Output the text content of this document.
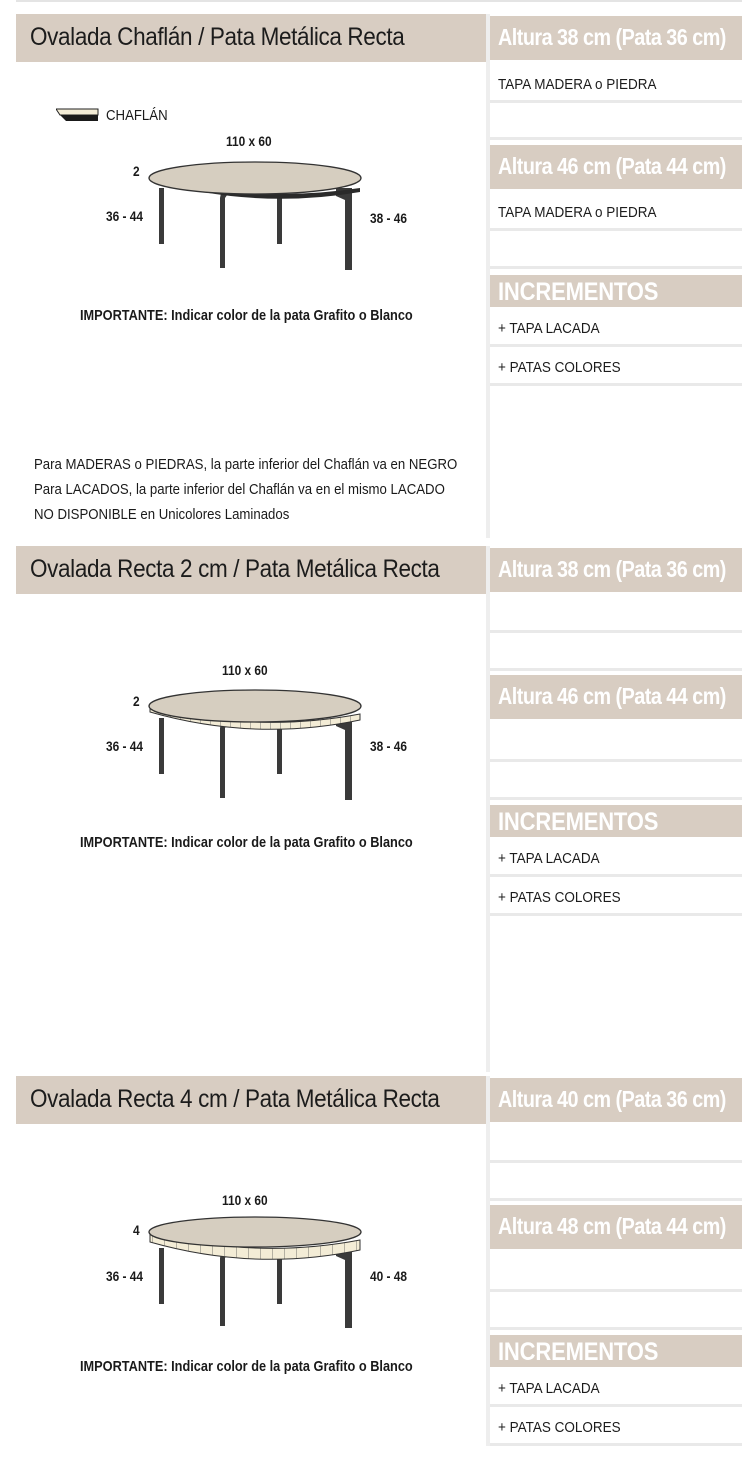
Ovalada Chaflán / Pata Metálica Recta	Altura 38 cm (Pata 36 cm)
TAPA MADERA o PIEDRA
Altura 46 cm (Pata 44 cm)
TAPA MADERA o PIEDRA
INCREMENTOS
+ TAPA LACADA
+ PATAS COLORES
CHAFLÁN
110 x 60
2
36 - 44	38 - 46
IMPORTANTE: Indicar color de la pata Grafito o Blanco
Para MADERAS o PIEDRAS, la parte inferior del Chaflán va en NEGRO
Para LACADOS, la parte inferior del Chaflán va en el mismo LACADO
NO DISPONIBLE en Unicolores Laminados
Ovalada Recta 2 cm / Pata Metálica Recta	Altura 38 cm (Pata 36 cm)
Altura 46 cm (Pata 44 cm)
INCREMENTOS
+ TAPA LACADA
+ PATAS COLORES
110 x 60
2
36 - 44	38 - 46
IMPORTANTE: Indicar color de la pata Grafito o Blanco
Ovalada Recta 4 cm / Pata Metálica Recta	Altura 40 cm (Pata 36 cm)
Altura 48 cm (Pata 44 cm)
INCREMENTOS
+ TAPA LACADA
+ PATAS COLORES
110 x 60
4
36 - 44	40 - 48
IMPORTANTE: Indicar color de la pata Grafito o Blanco
